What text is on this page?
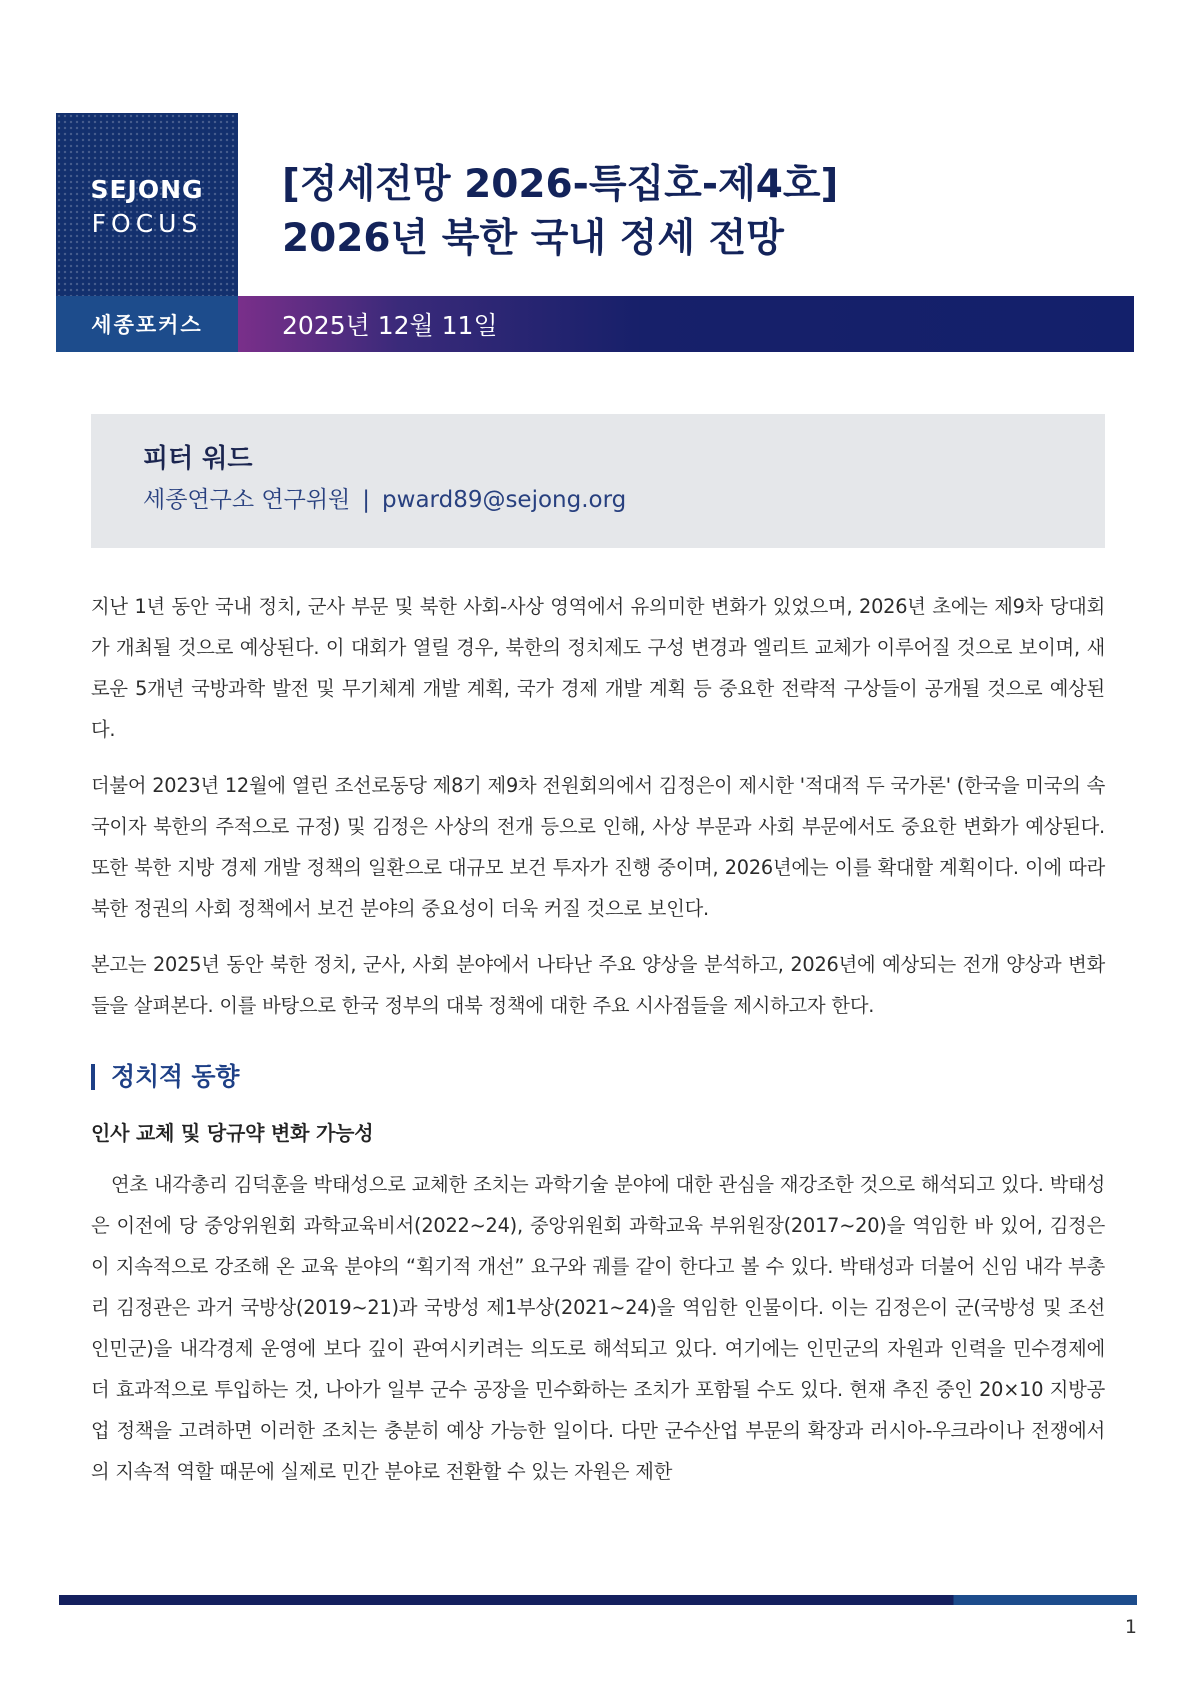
SEJONG
FOCUS
[정세전망 2026-특집호-제4호]
2026년 북한 국내 정세 전망
세종포커스	2025년 12월 11일
피터 워드
세종연구소 연구위원 | pward89@sejong.org

지난 1년 동안 국내 정치, 군사 부문 및 북한 사회-사상 영역에서 유의미한 변화가 있었으며, 2026년 초에는 제9차 당대회가 개최될 것으로 예상된다. 이 대회가 열릴 경우, 북한의 정치제도 구성 변경과 엘리트 교체가 이루어질 것으로 보이며, 새로운 5개년 국방과학 발전 및 무기체계 개발 계획, 국가 경제 개발 계획 등 중요한 전략적 구상들이 공개될 것으로 예상된다.

더불어 2023년 12월에 열린 조선로동당 제8기 제9차 전원회의에서 김정은이 제시한 '적대적 두 국가론' (한국을 미국의 속국이자 북한의 주적으로 규정) 및 김정은 사상의 전개 등으로 인해, 사상 부문과 사회 부문에서도 중요한 변화가 예상된다. 또한 북한 지방 경제 개발 정책의 일환으로 대규모 보건 투자가 진행 중이며, 2026년에는 이를 확대할 계획이다. 이에 따라 북한 정권의 사회 정책에서 보건 분야의 중요성이 더욱 커질 것으로 보인다.

본고는 2025년 동안 북한 정치, 군사, 사회 분야에서 나타난 주요 양상을 분석하고, 2026년에 예상되는 전개 양상과 변화들을 살펴본다. 이를 바탕으로 한국 정부의 대북 정책에 대한 주요 시사점들을 제시하고자 한다.

정치적 동향
인사 교체 및 당규약 변화 가능성

연초 내각총리 김덕훈을 박태성으로 교체한 조치는 과학기술 분야에 대한 관심을 재강조한 것으로 해석되고 있다. 박태성은 이전에 당 중앙위원회 과학교육비서(2022~24), 중앙위원회 과학교육 부위원장(2017~20)을 역임한 바 있어, 김정은이 지속적으로 강조해 온 교육 분야의 “획기적 개선” 요구와 궤를 같이 한다고 볼 수 있다. 박태성과 더불어 신임 내각 부총리 김정관은 과거 국방상(2019~21)과 국방성 제1부상(2021~24)을 역임한 인물이다. 이는 김정은이 군(국방성 및 조선인민군)을 내각경제 운영에 보다 깊이 관여시키려는 의도로 해석되고 있다. 여기에는 인민군의 자원과 인력을 민수경제에 더 효과적으로 투입하는 것, 나아가 일부 군수 공장을 민수화하는 조치가 포함될 수도 있다. 현재 추진 중인 20×10 지방공업 정책을 고려하면 이러한 조치는 충분히 예상 가능한 일이다. 다만 군수산업 부문의 확장과 러시아-우크라이나 전쟁에서의 지속적 역할 때문에 실제로 민간 분야로 전환할 수 있는 자원은 제한

1
